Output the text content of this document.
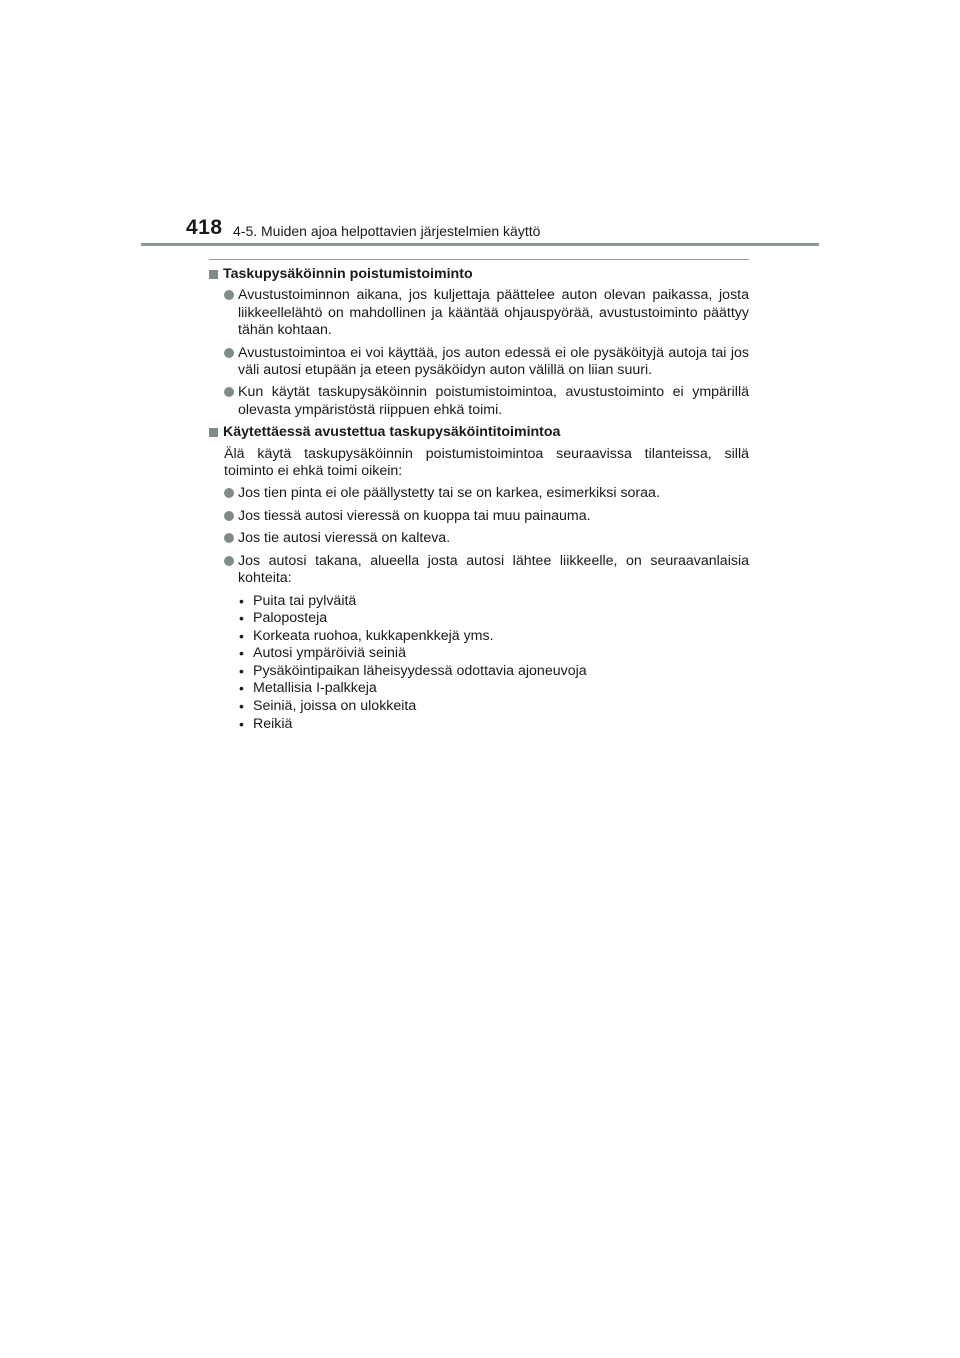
418 4-5. Muiden ajoa helpottavien järjestelmien käyttö
Taskupysäköinnin poistumistoiminto
Avustustoiminnon aikana, jos kuljettaja päättelee auton olevan paikassa, josta liikkeellelähtö on mahdollinen ja kääntää ohjauspyörää, avustustoiminto päättyy tähän kohtaan.
Avustustoimintoa ei voi käyttää, jos auton edessä ei ole pysäköityjä autoja tai jos väli autosi etupään ja eteen pysäköidyn auton välillä on liian suuri.
Kun käytät taskupysäköinnin poistumistoimintoa, avustustoiminto ei ympärillä olevasta ympäristöstä riippuen ehkä toimi.
Käytettäessä avustettua taskupysäköintitoimintoa
Älä käytä taskupysäköinnin poistumistoimintoa seuraavissa tilanteissa, sillä toiminto ei ehkä toimi oikein:
Jos tien pinta ei ole päällystetty tai se on karkea, esimerkiksi soraa.
Jos tiessä autosi vieressä on kuoppa tai muu painauma.
Jos tie autosi vieressä on kalteva.
Jos autosi takana, alueella josta autosi lähtee liikkeelle, on seuraavanlaisia kohteita:
• Puita tai pylväitä
• Paloposteja
• Korkeata ruohoa, kukkapenkkejä yms.
• Autosi ympäröiviä seiniä
• Pysäköintipaikan läheisyydessä odottavia ajoneuvoja
• Metallisia I-palkkeja
• Seiniä, joissa on ulokkeita
• Reikiä
